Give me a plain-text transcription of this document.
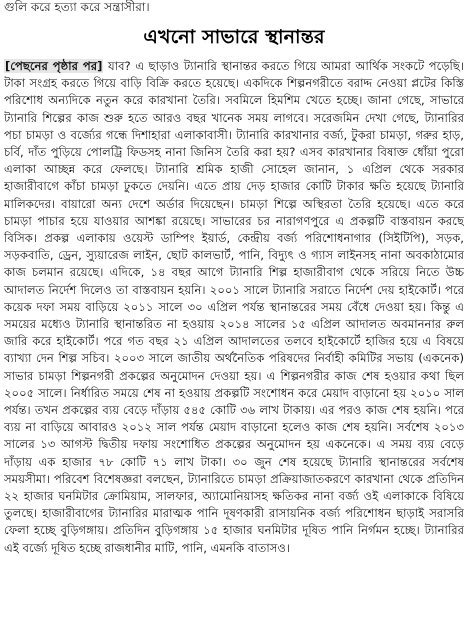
গুলি করে হত্যা করে সন্ত্রাসীরা।
এখনো সাভারে স্থানান্তর

[পেছনের পৃষ্ঠার পর] যাব? এ ছাড়াও ট্যানারি স্থানান্তর করতে গিয়ে আমরা আর্থিক সংকটে পড়েছি। টাকা সংগ্রহ করতে গিয়ে বাড়ি বিক্রি করতে হয়েছে। একদিকে শিল্পনগরীতে বরাদ্দ নেওয়া প্লটের কিস্তি পরিশোধ অন্যদিকে নতুন করে কারখানা তৈরি। সবমিলে হিমশিম খেতে হচ্ছে। জানা গেছে, সাভারে ট্যানারি শিল্পের কাজ শুরু হতে আরও বছর খানেক সময় লাগবে। সরেজমিন দেখা গেছে, ট্যানারির পচা চামড়া ও বর্জ্যের গন্ধে দিশাহারা এলাকাবাসী। ট্যানারি কারখানার বর্জ্য, টুকরা চামড়া, গরুর হাড়, চর্বি, দাঁত পুড়িয়ে পোলট্রি ফিডসহ নানা জিনিস তৈরি করা হয়? এসব কারখানার বিষাক্ত ধোঁয়া পুরো এলাকা আচ্ছন্ন করে ফেলছে। ট্যানারি শ্রমিক হাজী সোহেল জানান, ১ এপ্রিল থেকে সরকার হাজারীবাগে কাঁচা চামড়া ঢুকতে দেয়নি। এতে প্রায় দেড় হাজার কোটি টাকার ক্ষতি হয়েছে ট্যানারি মালিকদের। বায়ারো অন্য দেশে অর্ডার দিয়েছেন। চামড়া শিল্পে অস্থিরতা তৈরি হয়েছে। এতে করে চামড়া পাচার হয়ে যাওয়ার আশঙ্কা রয়েছে। সাভারের চর নারাগণপুরে এ প্রকল্পটি বাস্তবায়ন করছে বিসিক। প্রকল্প এলাকায় ওয়েস্ট ডাম্পিং ইয়ার্ড, কেন্দ্রীয় বর্জ্য পরিশোধনাগার (সিইটিপি), সড়ক, সড়কবাতি, ড্রেন, স্যুয়ারেজ লাইন, ছোট কালভার্ট, পানি, বিদ্যুৎ ও গ্যাস লাইনসহ নানা অবকাঠামোর কাজ চলমান রয়েছে। এদিকে, ১৪ বছর আগে ট্যানারি শিল্প হাজারীবাগ থেকে সরিয়ে নিতে উচ্চ আদালত নির্দেশ দিলেও তা বাস্তবায়ন হয়নি। ২০০১ সালে ট্যানারি সরাতে নির্দেশ দেয় হাইকোর্ট। পরে কয়েক দফা সময় বাড়িয়ে ২০১১ সালে ৩০ এপ্রিল পর্যন্ত স্থানান্তরের সময় বেঁধে দেওয়া হয়। কিন্তু এ সময়ের মধ্যেও ট্যানারি স্থানান্তরিত না হওয়ায় ২০১৪ সালের ১৫ এপ্রিল আদালত অবমাননার রুল জারি করে হাইকোর্ট। পরে গত বছর ২১ এপ্রিল আদালতের তলবে হাইকোর্টে হাজির হয়ে এ বিষয়ে ব্যাখ্যা দেন শিল্প সচিব। ২০০৩ সালে জাতীয় অর্থনৈতিক পরিষদের নির্বাহী কমিটির সভায় (একনেক) সাভার চামড়া শিল্পনগরী প্রকল্পের অনুমোদন দেওয়া হয়। এ শিল্পনগরীর কাজ শেষ হওয়ার কথা ছিল ২০০৫ সালে। নির্ধারিত সময়ে শেষ না হওয়ায় প্রকল্পটি সংশোধন করে মেয়াদ বাড়ানো হয় ২০১০ সাল পর্যন্ত। তখন প্রকল্পের ব্যয় বেড়ে দাঁড়ায় ৫৪৫ কোটি ৩৬ লাখ টাকায়। এর পরও কাজ শেষ হয়নি। পরে ব্যয় না বাড়িয়ে আবারও ২০১২ সাল পর্যন্ত মেয়াদ বাড়ানো হলেও কাজ শেষ হয়নি। সর্বশেষ ২০১৩ সালের ১৩ আগস্ট দ্বিতীয় দফায় সংশোধিত প্রকল্পের অনুমোদন হয় একনেকে। এ সময় ব্যয় বেড়ে দাঁড়ায় এক হাজার ৭৮ কোটি ৭১ লাখ টাকা। ৩০ জুন শেষ হয়েছে ট্যানারি স্থানান্তরের সর্বশেষ সময়সীমা। পরিবেশ বিশেষজ্ঞরা বলছেন, ট্যানারিতে চামড়া প্রক্রিয়াজাতকরণে কারখানা থেকে প্রতিদিন ২২ হাজার ঘনমিটার ক্রোমিয়াম, সালফার, অ্যামোনিয়াসহ ক্ষতিকর নানা বর্জ্য ওই এলাকাকে বিষিয়ে তুলছে। হাজারীবাগের ট্যানারির মারাত্মক পানি দূষণকারী রাসায়নিক বর্জ্য পরিশোধন ছাড়াই সরাসরি ফেলা হচ্ছে বুড়িগঙ্গায়। প্রতিদিন বুড়িগঙ্গায় ১৫ হাজার ঘনমিটার দূষিত পানি নির্গমন হচ্ছে। ট্যানারির এই বর্জ্যে দূষিত হচ্ছে রাজধানীর মাটি, পানি, এমনকি বাতাসও।
